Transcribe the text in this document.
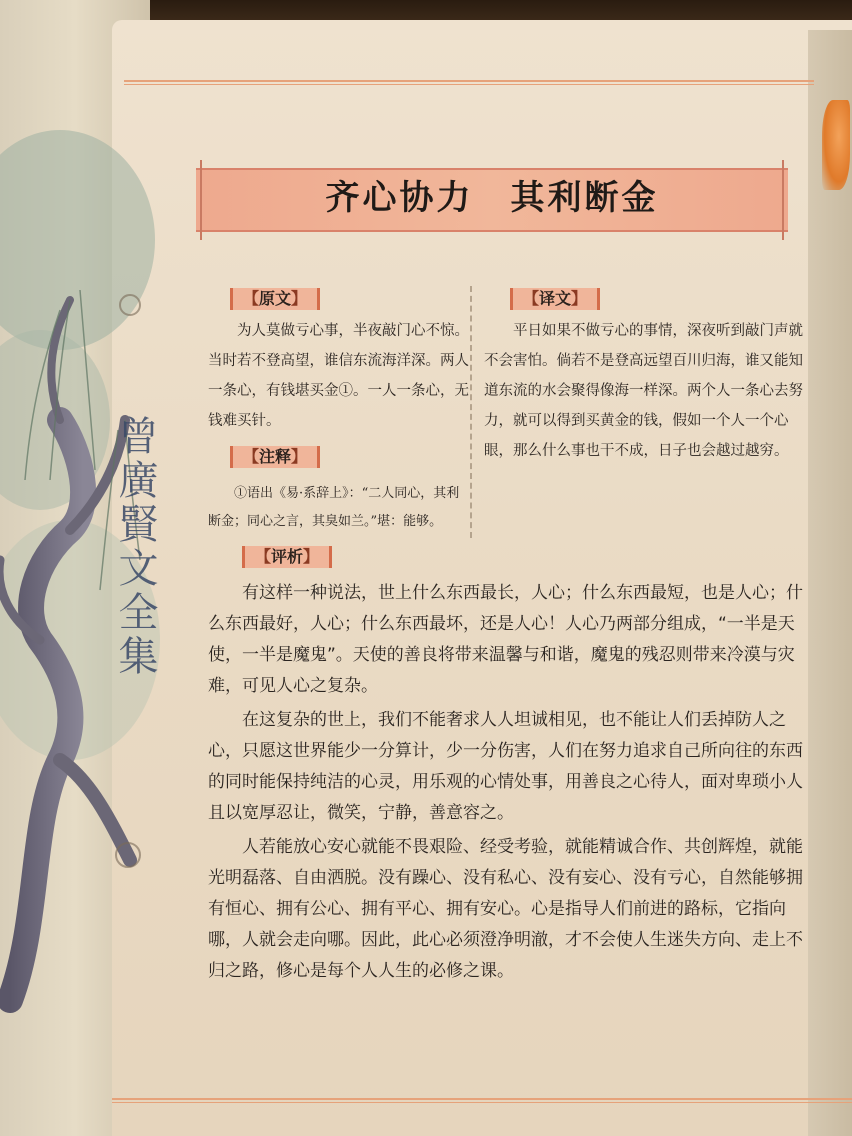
曾廣賢文全集
齐心协力　其利断金
【原文】	【译文】

为人莫做亏心事，半夜敲门心不惊。当时若不登高望，谁信东流海洋深。两人一条心，有钱堪买金①。一人一条心，无钱难买针。

平日如果不做亏心的事情，深夜听到敲门声就不会害怕。倘若不是登高远望百川归海，谁又能知道东流的水会聚得像海一样深。两个人一条心去努力，就可以得到买黄金的钱，假如一个人一个心眼，那么什么事也干不成，日子也会越过越穷。

【注释】

①语出《易·系辞上》：“二人同心，其利断金；同心之言，其臭如兰。”堪：能够。

【评析】

有这样一种说法，世上什么东西最长，人心；什么东西最短，也是人心；什么东西最好，人心；什么东西最坏，还是人心！人心乃两部分组成，“一半是天使，一半是魔鬼”。天使的善良将带来温馨与和谐，魔鬼的残忍则带来冷漠与灾难，可见人心之复杂。

在这复杂的世上，我们不能奢求人人坦诚相见，也不能让人们丢掉防人之心，只愿这世界能少一分算计，少一分伤害，人们在努力追求自己所向往的东西的同时能保持纯洁的心灵，用乐观的心情处事，用善良之心待人，面对卑琐小人且以宽厚忍让，微笑，宁静，善意容之。

人若能放心安心就能不畏艰险、经受考验，就能精诚合作、共创辉煌，就能光明磊落、自由洒脱。没有躁心、没有私心、没有妄心、没有亏心，自然能够拥有恒心、拥有公心、拥有平心、拥有安心。心是指导人们前进的路标，它指向哪，人就会走向哪。因此，此心必须澄净明澈，才不会使人生迷失方向、走上不归之路，修心是每个人人生的必修之课。
